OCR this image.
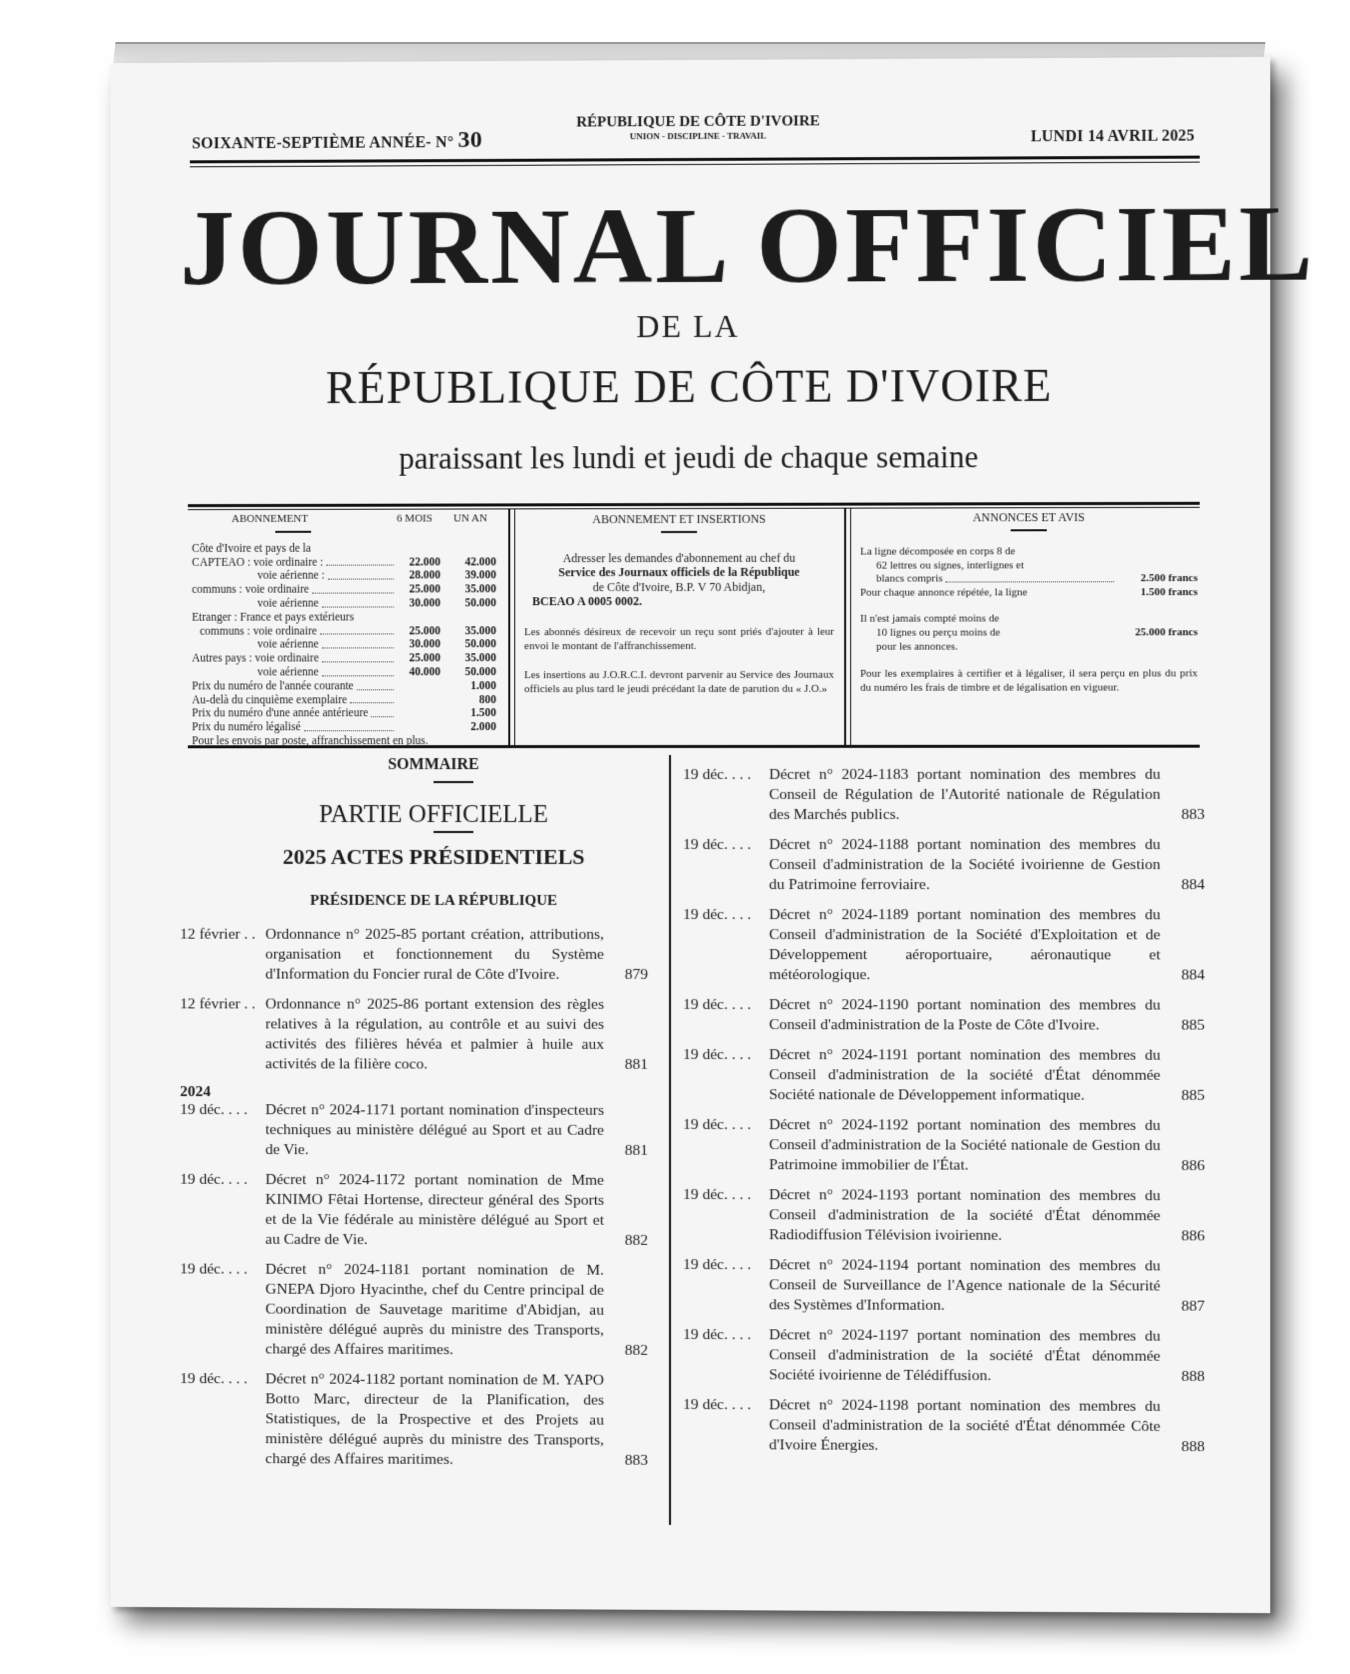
SOIXANTE-SEPTIÈME ANNÉE- N° 30
RÉPUBLIQUE DE CÔTE D'IVOIRE
UNION - DISCIPLINE - TRAVAIL	LUNDI 14 AVRIL 2025
JOURNAL OFFICIEL
DE LA
RÉPUBLIQUE DE CÔTE D'IVOIRE
paraissant les lundi et jeudi de chaque semaine
ABONNEMENT	6 MOIS	UN AN
Côte d'Ivoire et pays de la
CAPTEAO : voie ordinaire :	22.000	42.000
voie aérienne :	28.000	39.000
communs : voie ordinaire	25.000	35.000
voie aérienne	30.000	50.000
Etranger : France et pays extérieurs
communs : voie ordinaire	25.000	35.000
voie aérienne	30.000	50.000
Autres pays : voie ordinaire	25.000	35.000
voie aérienne	40.000	50.000
Prix du numéro de l'année courante	1.000
Au-delà du cinquième exemplaire	800
Prix du numéro d'une année antérieure	1.500
Prix du numéro légalisé	2.000
Pour les envois par poste, affranchissement en plus.
ABONNEMENT ET INSERTIONS
Adresser les demandes d'abonnement au chef du
Service des Journaux officiels de la République
de Côte d'Ivoire, B.P. V 70 Abidjan,
BCEAO A 0005 0002.
Les abonnés désireux de recevoir un reçu sont priés d'ajouter à leur envoi le montant de l'affranchissement.
Les insertions au J.O.R.C.I. devront parvenir au Service des Journaux officiels au plus tard le jeudi précédant la date de parution du « J.O.»
ANNONCES ET AVIS
La ligne décomposée en corps 8 de
62 lettres ou signes, interlignes et
blancs compris	2.500 francs
Pour chaque annonce répétée, la ligne	1.500 francs
Il n'est jamais compté moins de
10 lignes ou perçu moins de	25.000 francs
pour les annonces.
Pour les exemplaires à certifier et à légaliser, il sera perçu en plus du prix du numéro les frais de timbre et de légalisation en vigueur.
SOMMAIRE
PARTIE OFFICIELLE
2025 ACTES PRÉSIDENTIELS
PRÉSIDENCE DE LA RÉPUBLIQUE
12 février . . Ordonnance n° 2025-85 portant création, attributions, organisation et fonctionnement du Système d'Information du Foncier rural de Côte d'Ivoire.	879
12 février . . Ordonnance n° 2025-86 portant extension des règles relatives à la régulation, au contrôle et au suivi des activités des filières hévéa et palmier à huile aux activités de la filière coco.	881
2024
19 déc. . . .	Décret n° 2024-1171 portant nomination d'inspecteurs techniques au ministère délégué au Sport et au Cadre de Vie.	881
19 déc. . . .	Décret n° 2024-1172 portant nomination de Mme KINIMO Fêtai Hortense, directeur général des Sports et de la Vie fédérale au ministère délégué au Sport et au Cadre de Vie.	882
19 déc. . . .	Décret n° 2024-1181 portant nomination de M. GNEPA Djoro Hyacinthe, chef du Centre principal de Coordination de Sauvetage maritime d'Abidjan, au ministère délégué auprès du ministre des Transports, chargé des Affaires maritimes.	882
19 déc. . . .	Décret n° 2024-1182 portant nomination de M. YAPO Botto Marc, directeur de la Planification, des Statistiques, de la Prospective et des Projets au ministère délégué auprès du ministre des Transports, chargé des Affaires maritimes.	883
19 déc. . . .	Décret n° 2024-1183 portant nomination des membres du Conseil de Régulation de l'Autorité nationale de Régulation des Marchés publics.	883
19 déc. . . .	Décret n° 2024-1188 portant nomination des membres du Conseil d'administration de la Société ivoirienne de Gestion du Patrimoine ferroviaire.	884
19 déc. . . .	Décret n° 2024-1189 portant nomination des membres du Conseil d'administration de la Société d'Exploitation et de Développement aéroportuaire, aéronautique et météorologique.	884
19 déc. . . .	Décret n° 2024-1190 portant nomination des membres du Conseil d'administration de la Poste de Côte d'Ivoire.	885
19 déc. . . .	Décret n° 2024-1191 portant nomination des membres du Conseil d'administration de la société d'État dénommée Société nationale de Développement informatique.	885
19 déc. . . .	Décret n° 2024-1192 portant nomination des membres du Conseil d'administration de la Société nationale de Gestion du Patrimoine immobilier de l'État.	886
19 déc. . . .	Décret n° 2024-1193 portant nomination des membres du Conseil d'administration de la société d'État dénommée Radiodiffusion Télévision ivoirienne.	886
19 déc. . . .	Décret n° 2024-1194 portant nomination des membres du Conseil de Surveillance de l'Agence nationale de la Sécurité des Systèmes d'Information.	887
19 déc. . . .	Décret n° 2024-1197 portant nomination des membres du Conseil d'administration de la société d'État dénommée Société ivoirienne de Télédiffusion.	888
19 déc. . . .	Décret n° 2024-1198 portant nomination des membres du Conseil d'administration de la société d'État dénommée Côte d'Ivoire Énergies.	888
